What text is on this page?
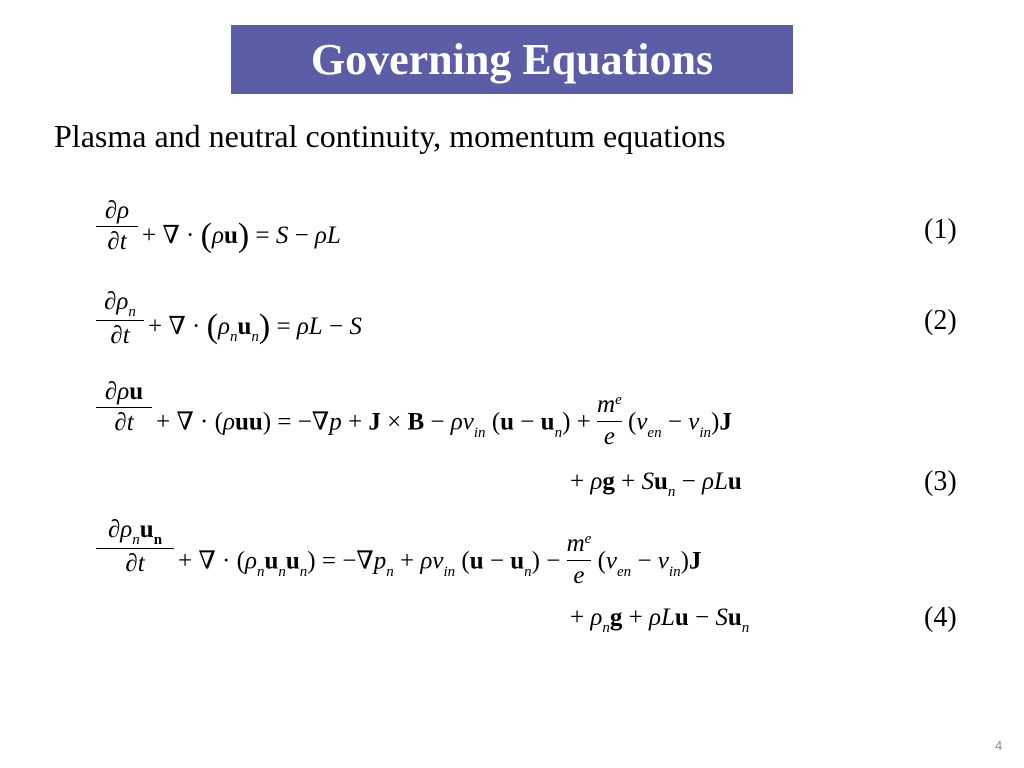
Governing Equations
Plasma and neutral continuity, momentum equations
∂ρ
∂t + ∇ · (ρu) = S − ρL	(1)
$\partial\rho_n$
∂t + ∇ · $(\rho_nu_n) = \rho L - S$	(2)
∂ρu
∂t + ∇ · $(\rho uu) = -\nabla p + J \times B - \rho\nu_{in}$ $(u - u_n) + \frac{m^e}{e} (\nu_{en} - \nu_{in})J$
+ $\rho g + Su_n - \rho Lu$	(3)
$\partial\rho_nu_n$
∂t	+ ∇ · $(\rho_nu_nu_n) = -\nabla p_n + \rho\nu_{in}$ $(u - u_n) - \frac{m^e}{e} (\nu_{en} - \nu_{in})J$
+ $\rho_ng + \rho Lu - Su_n$	(4)
4
